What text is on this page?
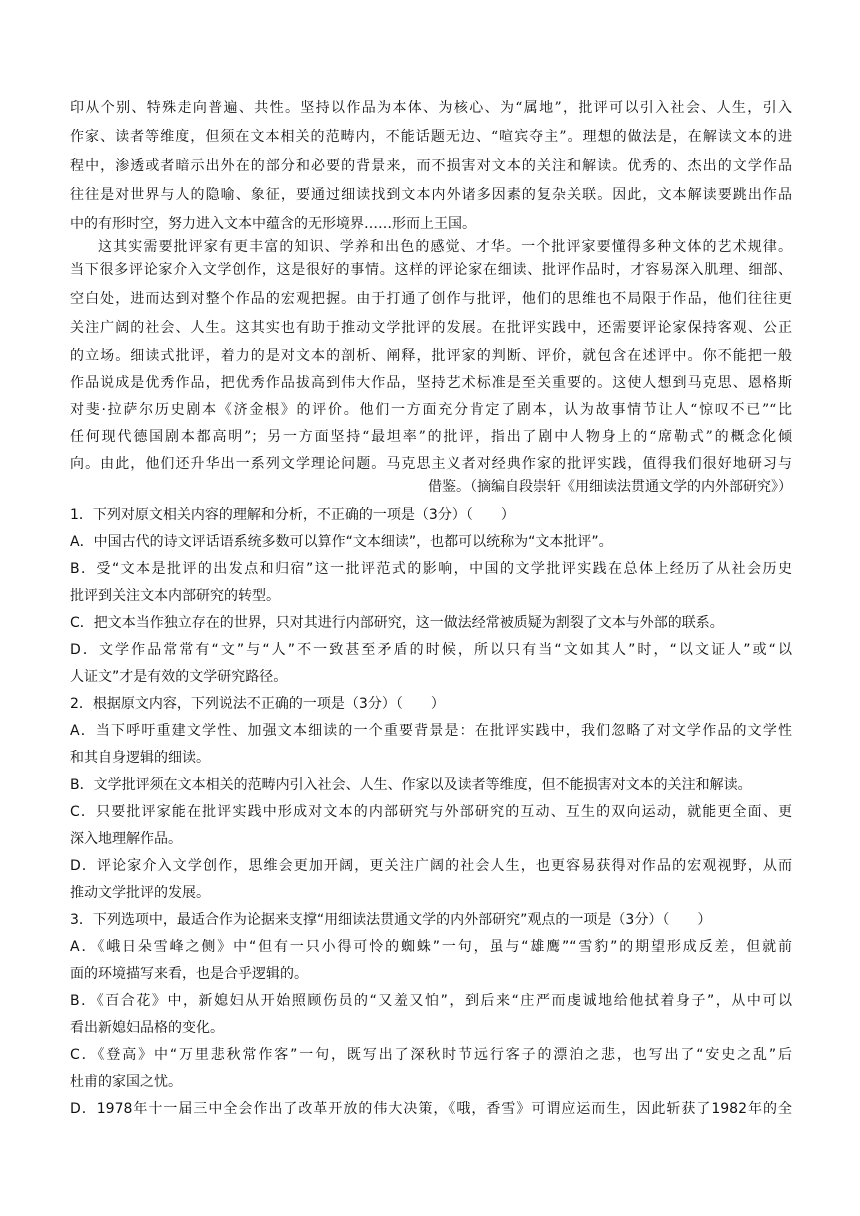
印从个别、特殊走向普遍、共性。坚持以作品为本体、为核心、为“属地”，批评可以引入社会、人生，引入
作家、读者等维度，但须在文本相关的范畴内，不能话题无边、“喧宾夺主”。理想的做法是，在解读文本的进
程中，渗透或者暗示出外在的部分和必要的背景来，而不损害对文本的关注和解读。优秀的、杰出的文学作品
往往是对世界与人的隐喻、象征，要通过细读找到文本内外诸多因素的复杂关联。因此，文本解读要跳出作品
中的有形时空，努力进入文本中蕴含的无形境界……形而上王国。
这其实需要批评家有更丰富的知识、学养和出色的感觉、才华。一个批评家要懂得多种文体的艺术规律。
当下很多评论家介入文学创作，这是很好的事情。这样的评论家在细读、批评作品时，才容易深入肌理、细部、
空白处，进而达到对整个作品的宏观把握。由于打通了创作与批评，他们的思维也不局限于作品，他们往往更
关注广阔的社会、人生。这其实也有助于推动文学批评的发展。在批评实践中，还需要评论家保持客观、公正
的立场。细读式批评，着力的是对文本的剖析、阐释，批评家的判断、评价，就包含在述评中。你不能把一般
作品说成是优秀作品，把优秀作品拔高到伟大作品，坚持艺术标准是至关重要的。这使人想到马克思、恩格斯
对斐·拉萨尔历史剧本《济金根》的评价。他们一方面充分肯定了剧本，认为故事情节让人“惊叹不已”“比
任何现代德国剧本都高明”；另一方面坚持“最坦率”的批评，指出了剧中人物身上的“席勒式”的概念化倾
向。由此，他们还升华出一系列文学理论问题。马克思主义者对经典作家的批评实践，值得我们很好地研习与
借鉴。（摘编自段崇轩《用细读法贯通文学的内外部研究》）
1．下列对原文相关内容的理解和分析，不正确的一项是（3分）（　　）
A．中国古代的诗文评话语系统多数可以算作“文本细读”，也都可以统称为“文本批评”。
B．受“文本是批评的出发点和归宿”这一批评范式的影响，中国的文学批评实践在总体上经历了从社会历史
批评到关注文本内部研究的转型。
C．把文本当作独立存在的世界，只对其进行内部研究，这一做法经常被质疑为割裂了文本与外部的联系。
D．文学作品常常有“文”与“人”不一致甚至矛盾的时候，所以只有当“文如其人”时，“以文证人”或“以
人证文”才是有效的文学研究路径。
2．根据原文内容，下列说法不正确的一项是（3分）（　　）
A．当下呼吁重建文学性、加强文本细读的一个重要背景是：在批评实践中，我们忽略了对文学作品的文学性
和其自身逻辑的细读。
B．文学批评须在文本相关的范畴内引入社会、人生、作家以及读者等维度，但不能损害对文本的关注和解读。
C．只要批评家能在批评实践中形成对文本的内部研究与外部研究的互动、互生的双向运动，就能更全面、更
深入地理解作品。
D．评论家介入文学创作，思维会更加开阔，更关注广阔的社会人生，也更容易获得对作品的宏观视野，从而
推动文学批评的发展。
3．下列选项中，最适合作为论据来支撑“用细读法贯通文学的内外部研究”观点的一项是（3分）（　　）
A．《峨日朵雪峰之侧》中“但有一只小得可怜的蜘蛛”一句，虽与“雄鹰”“雪豹”的期望形成反差，但就前
面的环境描写来看，也是合乎逻辑的。
B．《百合花》中，新媳妇从开始照顾伤员的“又羞又怕”，到后来“庄严而虔诚地给他拭着身子”，从中可以
看出新媳妇品格的变化。
C．《登高》中“万里悲秋常作客”一句，既写出了深秋时节远行客子的漂泊之悲，也写出了“安史之乱”后
杜甫的家国之忧。
D．1978年十一届三中全会作出了改革开放的伟大决策，《哦，香雪》可谓应运而生，因此斩获了1982年的全
